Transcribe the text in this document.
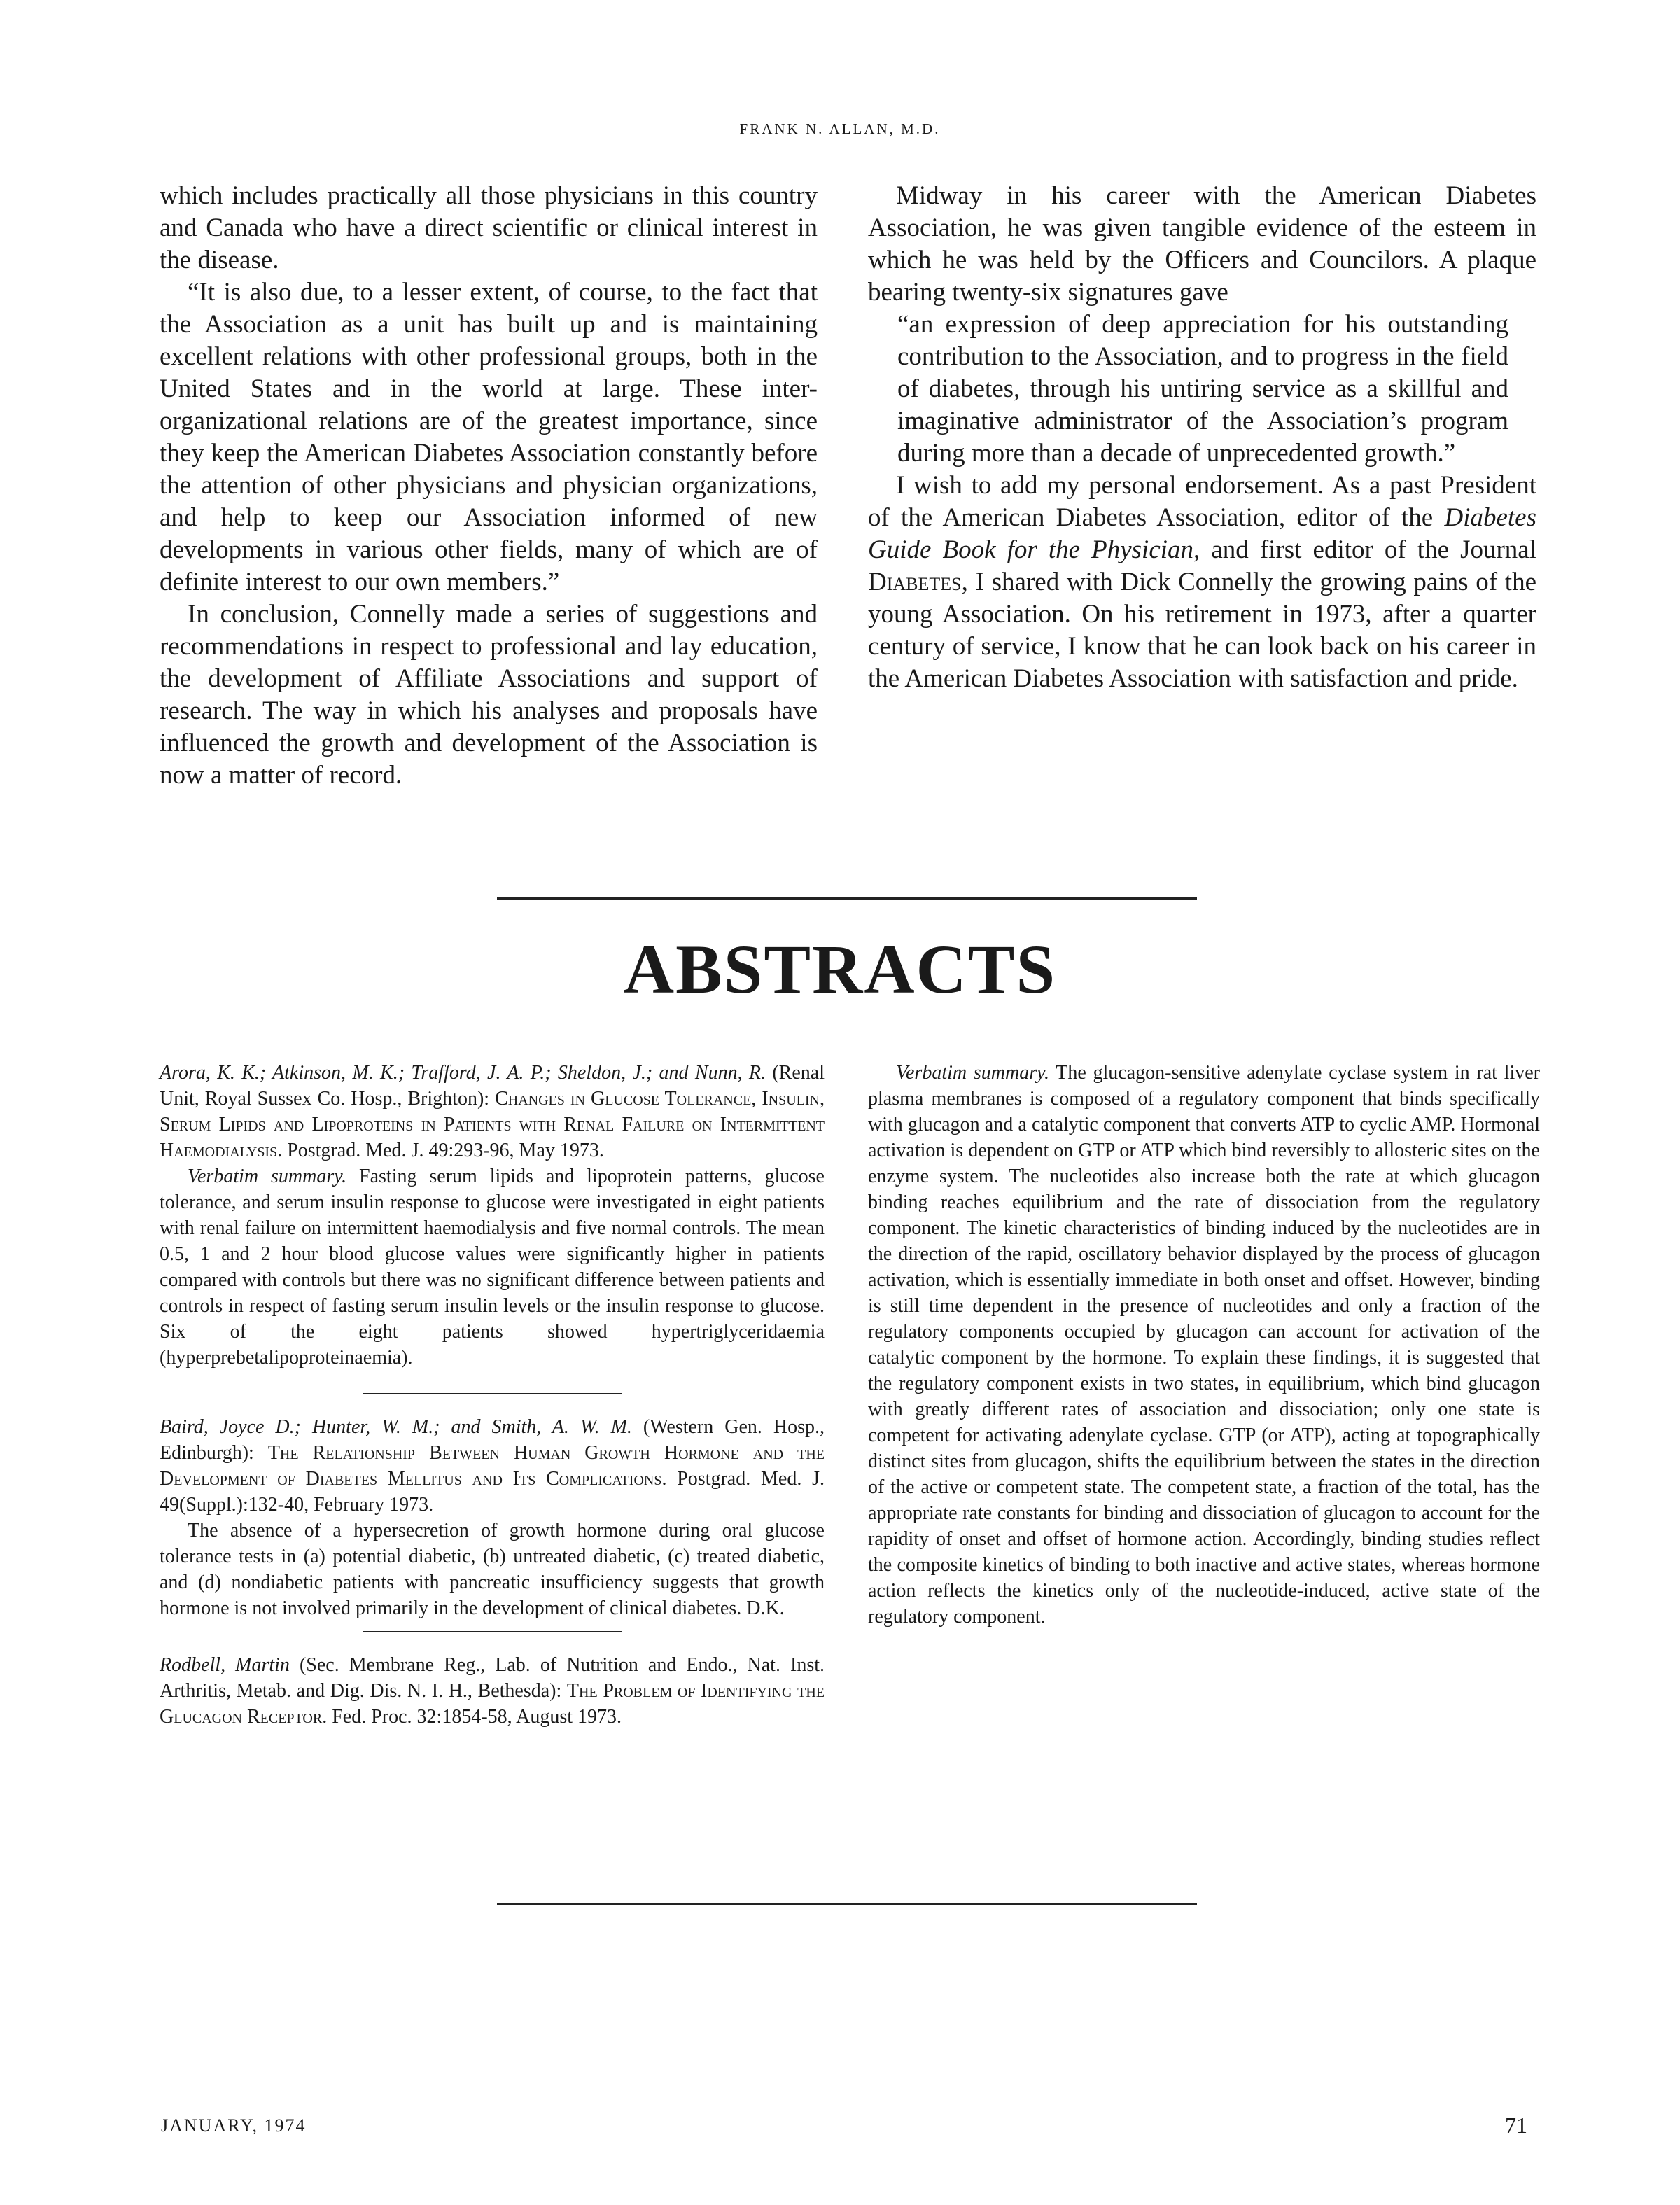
FRANK N. ALLAN, M.D.

which includes practically all those physicians in this country and Canada who have a direct scientific or clinical interest in the disease.

“It is also due, to a lesser extent, of course, to the fact that the Association as a unit has built up and is maintaining excellent relations with other professional groups, both in the United States and in the world at large. These inter-organizational relations are of the greatest importance, since they keep the American Diabetes Association constantly before the attention of other physicians and physician organizations, and help to keep our Association informed of new developments in various other fields, many of which are of definite interest to our own members.”

In conclusion, Connelly made a series of suggestions and recommendations in respect to professional and lay education, the development of Affiliate Associations and support of research. The way in which his analyses and proposals have influenced the growth and development of the Association is now a matter of record.

Midway in his career with the American Diabetes Association, he was given tangible evidence of the esteem in which he was held by the Officers and Councilors. A plaque bearing twenty-six signatures gave

“an expression of deep appreciation for his outstanding contribution to the Association, and to progress in the field of diabetes, through his untiring service as a skillful and imaginative administrator of the Association’s program during more than a decade of unprecedented growth.”

I wish to add my personal endorsement. As a past President of the American Diabetes Association, editor of the Diabetes Guide Book for the Physician, and first editor of the Journal Diabetes, I shared with Dick Connelly the growing pains of the young Association. On his retirement in 1973, after a quarter century of service, I know that he can look back on his career in the American Diabetes Association with satisfaction and pride.

ABSTRACTS

Arora, K. K.; Atkinson, M. K.; Trafford, J. A. P.; Sheldon, J.; and Nunn, R. (Renal Unit, Royal Sussex Co. Hosp., Brighton): Changes in Glucose Tolerance, Insulin, Serum Lipids and Lipoproteins in Patients with Renal Failure on Intermittent Haemodialysis. Postgrad. Med. J. 49:293-96, May 1973.

Verbatim summary. Fasting serum lipids and lipoprotein patterns, glucose tolerance, and serum insulin response to glucose were investigated in eight patients with renal failure on intermittent haemodialysis and five normal controls. The mean 0.5, 1 and 2 hour blood glucose values were significantly higher in patients compared with controls but there was no significant difference between patients and controls in respect of fasting serum insulin levels or the insulin response to glucose. Six of the eight patients showed hypertriglyceridaemia (hyperprebetalipoproteinaemia).

Baird, Joyce D.; Hunter, W. M.; and Smith, A. W. M. (Western Gen. Hosp., Edinburgh): The Relationship Between Human Growth Hormone and the Development of Diabetes Mellitus and Its Complications. Postgrad. Med. J. 49(Suppl.):132-40, February 1973.

The absence of a hypersecretion of growth hormone during oral glucose tolerance tests in (a) potential diabetic, (b) untreated diabetic, (c) treated diabetic, and (d) nondiabetic patients with pancreatic insufficiency suggests that growth hormone is not involved primarily in the development of clinical diabetes. D.K.

Rodbell, Martin (Sec. Membrane Reg., Lab. of Nutrition and Endo., Nat. Inst. Arthritis, Metab. and Dig. Dis. N. I. H., Bethesda): The Problem of Identifying the Glucagon Receptor. Fed. Proc. 32:1854-58, August 1973.

Verbatim summary. The glucagon-sensitive adenylate cyclase system in rat liver plasma membranes is composed of a regulatory component that binds specifically with glucagon and a catalytic component that converts ATP to cyclic AMP. Hormonal activation is dependent on GTP or ATP which bind reversibly to allosteric sites on the enzyme system. The nucleotides also increase both the rate at which glucagon binding reaches equilibrium and the rate of dissociation from the regulatory component. The kinetic characteristics of binding induced by the nucleotides are in the direction of the rapid, oscillatory behavior displayed by the process of glucagon activation, which is essentially immediate in both onset and offset. However, binding is still time dependent in the presence of nucleotides and only a fraction of the regulatory components occupied by glucagon can account for activation of the catalytic component by the hormone. To explain these findings, it is suggested that the regulatory component exists in two states, in equilibrium, which bind glucagon with greatly different rates of association and dissociation; only one state is competent for activating adenylate cyclase. GTP (or ATP), acting at topographically distinct sites from glucagon, shifts the equilibrium between the states in the direction of the active or competent state. The competent state, a fraction of the total, has the appropriate rate constants for binding and dissociation of glucagon to account for the rapidity of onset and offset of hormone action. Accordingly, binding studies reflect the composite kinetics of binding to both inactive and active states, whereas hormone action reflects the kinetics only of the nucleotide-induced, active state of the regulatory component.

JANUARY, 1974	71
